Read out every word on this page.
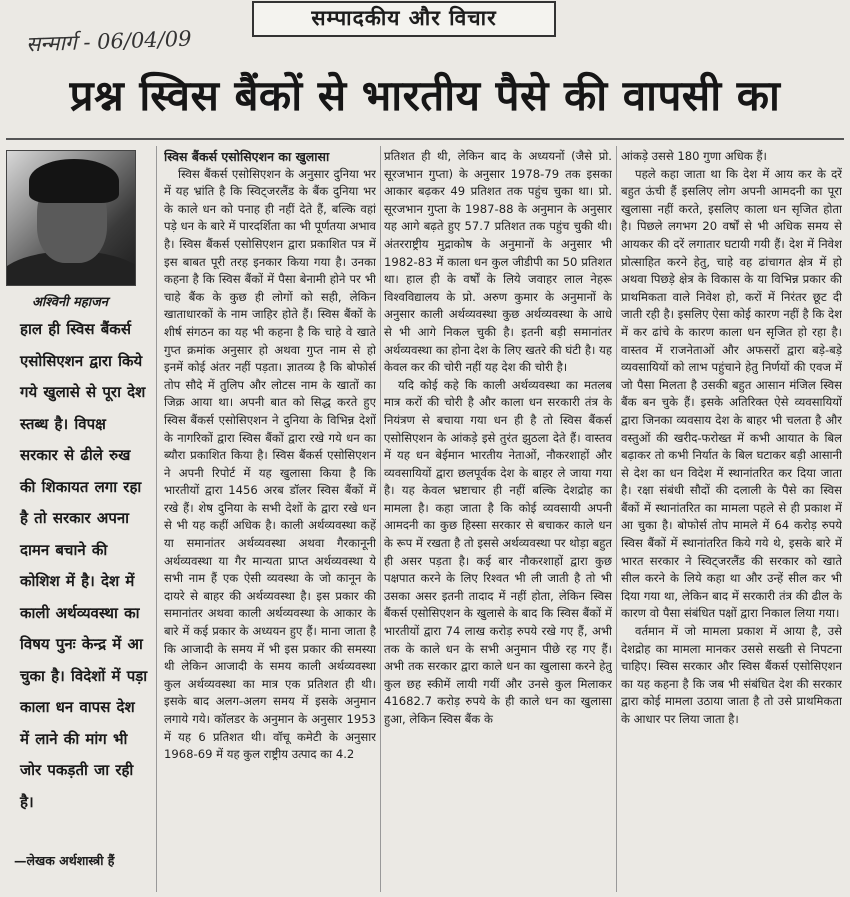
सम्पादकीय और विचार
सन्मार्ग - 06/04/09
प्रश्न स्विस बैंकों से भारतीय पैसे की वापसी का
अश्विनी महाजन
हाल ही स्विस बैंकर्स एसोसिएशन द्वारा किये गये खुलासे से पूरा देश स्तब्ध है। विपक्ष सरकार से ढीले रुख की शिकायत लगा रहा है तो सरकार अपना दामन बचाने की कोशिश में है। देश में काली अर्थव्यवस्था का विषय पुनः केन्द्र में आ चुका है। विदेशों में पड़ा काला धन वापस देश में लाने की मांग भी जोर पकड़ती जा रही है।
—लेखक अर्थशास्त्री हैं

स्विस बैंकर्स एसोसिएशन का खुलासा

स्विस बैंकर्स एसोसिएशन के अनुसार दुनिया भर में यह भ्रांति है कि स्विट्जरलैंड के बैंक दुनिया भर के काले धन को पनाह ही नहीं देते हैं, बल्कि वहां पड़े धन के बारे में पारदर्शिता का भी पूर्णतया अभाव है। स्विस बैंकर्स एसोसिएशन द्वारा प्रकाशित पत्र में इस बाबत पूरी तरह इनकार किया गया है। उनका कहना है कि स्विस बैंकों में पैसा बेनामी होने पर भी चाहे बैंक के कुछ ही लोगों को सही, लेकिन खाताधारकों के नाम जाहिर होते हैं। स्विस बैंकों के शीर्ष संगठन का यह भी कहना है कि चाहे वे खाते गुप्त क्रमांक अनुसार हो अथवा गुप्त नाम से हो इनमें कोई अंतर नहीं पड़ता। ज्ञातव्य है कि बोफोर्स तोप सौदे में तुलिप और लोटस नाम के खातों का जिक्र आया था। अपनी बात को सिद्ध करते हुए स्विस बैंकर्स एसोसिएशन ने दुनिया के विभिन्न देशों के नागरिकों द्वारा स्विस बैंकों द्वारा रखे गये धन का ब्यौरा प्रकाशित किया है। स्विस बैंकर्स एसोसिएशन ने अपनी रिपोर्ट में यह खुलासा किया है कि भारतीयों द्वारा 1456 अरब डॉलर स्विस बैंकों में रखे हैं। शेष दुनिया के सभी देशों के द्वारा रखे धन से भी यह कहीं अधिक है। काली अर्थव्यवस्था कहें या समानांतर अर्थव्यवस्था अथवा गैरकानूनी अर्थव्यवस्था या गैर मान्यता प्राप्त अर्थव्यवस्था ये सभी नाम हैं एक ऐसी व्यवस्था के जो कानून के दायरे से बाहर की अर्थव्यवस्था है। इस प्रकार की समानांतर अथवा काली अर्थव्यवस्था के आकार के बारे में कई प्रकार के अध्ययन हुए हैं। माना जाता है कि आजादी के समय में भी इस प्रकार की समस्या थी लेकिन आजादी के समय काली अर्थव्यवस्था कुल अर्थव्यवस्था का मात्र एक प्रतिशत ही थी। इसके बाद अलग-अलग समय में इसके अनुमान लगाये गये। कॉलडर के अनुमान के अनुसार 1953 में यह 6 प्रतिशत थी। वॉचू कमेटी के अनुसार 1968-69 में यह कुल राष्ट्रीय उत्पाद का 4.2

प्रतिशत ही थी, लेकिन बाद के अध्ययनों (जैसे प्रो. सूरजभान गुप्ता) के अनुसार 1978-79 तक इसका आकार बढ़कर 49 प्रतिशत तक पहुंच चुका था। प्रो. सूरजभान गुप्ता के 1987-88 के अनुमान के अनुसार यह आगे बढ़ते हुए 57.7 प्रतिशत तक पहुंच चुकी थी। अंतरराष्ट्रीय मुद्राकोष के अनुमानों के अनुसार भी 1982-83 में काला धन कुल जीडीपी का 50 प्रतिशत था। हाल ही के वर्षों के लिये जवाहर लाल नेहरू विश्वविद्यालय के प्रो. अरुण कुमार के अनुमानों के अनुसार काली अर्थव्यवस्था कुछ अर्थव्यवस्था के आधे से भी आगे निकल चुकी है। इतनी बड़ी समानांतर अर्थव्यवस्था का होना देश के लिए खतरे की घंटी है। यह केवल कर की चोरी नहीं यह देश की चोरी है।

यदि कोई कहे कि काली अर्थव्यवस्था का मतलब मात्र करों की चोरी है और काला धन सरकारी तंत्र के नियंत्रण से बचाया गया धन ही है तो स्विस बैंकर्स एसोसिएशन के आंकड़े इसे तुरंत झुठला देते हैं। वास्तव में यह धन बेईमान भारतीय नेताओं, नौकरशाहों और व्यवसायियों द्वारा छलपूर्वक देश के बाहर ले जाया गया है। यह केवल भ्रष्टाचार ही नहीं बल्कि देशद्रोह का मामला है। कहा जाता है कि कोई व्यवसायी अपनी आमदनी का कुछ हिस्सा सरकार से बचाकर काले धन के रूप में रखता है तो इससे अर्थव्यवस्था पर थोड़ा बहुत ही असर पड़ता है। कई बार नौकरशाहों द्वारा कुछ पक्षपात करने के लिए रिश्वत भी ली जाती है तो भी उसका असर इतनी तादाद में नहीं होता, लेकिन स्विस बैंकर्स एसोसिएशन के खुलासे के बाद कि स्विस बैंकों में भारतीयों द्वारा 74 लाख करोड़ रुपये रखे गए हैं, अभी तक के काले धन के सभी अनुमान पीछे रह गए हैं। अभी तक सरकार द्वारा काले धन का खुलासा करने हेतु कुल छह स्कीमें लायी गयीं और उनसे कुल मिलाकर 41682.7 करोड़ रुपये के ही काले धन का खुलासा हुआ, लेकिन स्विस बैंक के

आंकड़े उससे 180 गुणा अधिक हैं।

पहले कहा जाता था कि देश में आय कर के दरें बहुत ऊंची हैं इसलिए लोग अपनी आमदनी का पूरा खुलासा नहीं करते, इसलिए काला धन सृजित होता है। पिछले लगभग 20 वर्षों से भी अधिक समय से आयकर की दरें लगातार घटायी गयी हैं। देश में निवेश प्रोत्साहित करने हेतु, चाहे वह ढांचागत क्षेत्र में हो अथवा पिछड़े क्षेत्र के विकास के या विभिन्न प्रकार की प्राथमिकता वाले निवेश हो, करों में निरंतर छूट दी जाती रही है। इसलिए ऐसा कोई कारण नहीं है कि देश में कर ढांचे के कारण काला धन सृजित हो रहा है। वास्तव में राजनेताओं और अफसरों द्वारा बड़े-बड़े व्यवसायियों को लाभ पहुंचाने हेतु निर्णयों की एवज में जो पैसा मिलता है उसकी बहुत आसान मंजिल स्विस बैंक बन चुके हैं। इसके अतिरिक्त ऐसे व्यवसायियों द्वारा जिनका व्यवसाय देश के बाहर भी चलता है और वस्तुओं की खरीद-फरोख्त में कभी आयात के बिल बढ़ाकर तो कभी निर्यात के बिल घटाकर बड़ी आसानी से देश का धन विदेश में स्थानांतरित कर दिया जाता है। रक्षा संबंधी सौदों की दलाली के पैसे का स्विस बैंकों में स्थानांतरित का मामला पहले से ही प्रकाश में आ चुका है। बोफोर्स तोप मामले में 64 करोड़ रुपये स्विस बैंकों में स्थानांतरित किये गये थे, इसके बारे में भारत सरकार ने स्विट्जरलैंड की सरकार को खाते सील करने के लिये कहा था और उन्हें सील कर भी दिया गया था, लेकिन बाद में सरकारी तंत्र की ढील के कारण वो पैसा संबंधित पक्षों द्वारा निकाल लिया गया।

वर्तमान में जो मामला प्रकाश में आया है, उसे देशद्रोह का मामला मानकर उससे सख्ती से निपटना चाहिए। स्विस सरकार और स्विस बैंकर्स एसोसिएशन का यह कहना है कि जब भी संबंधित देश की सरकार द्वारा कोई मामला उठाया जाता है तो उसे प्राथमिकता के आधार पर लिया जाता है।
